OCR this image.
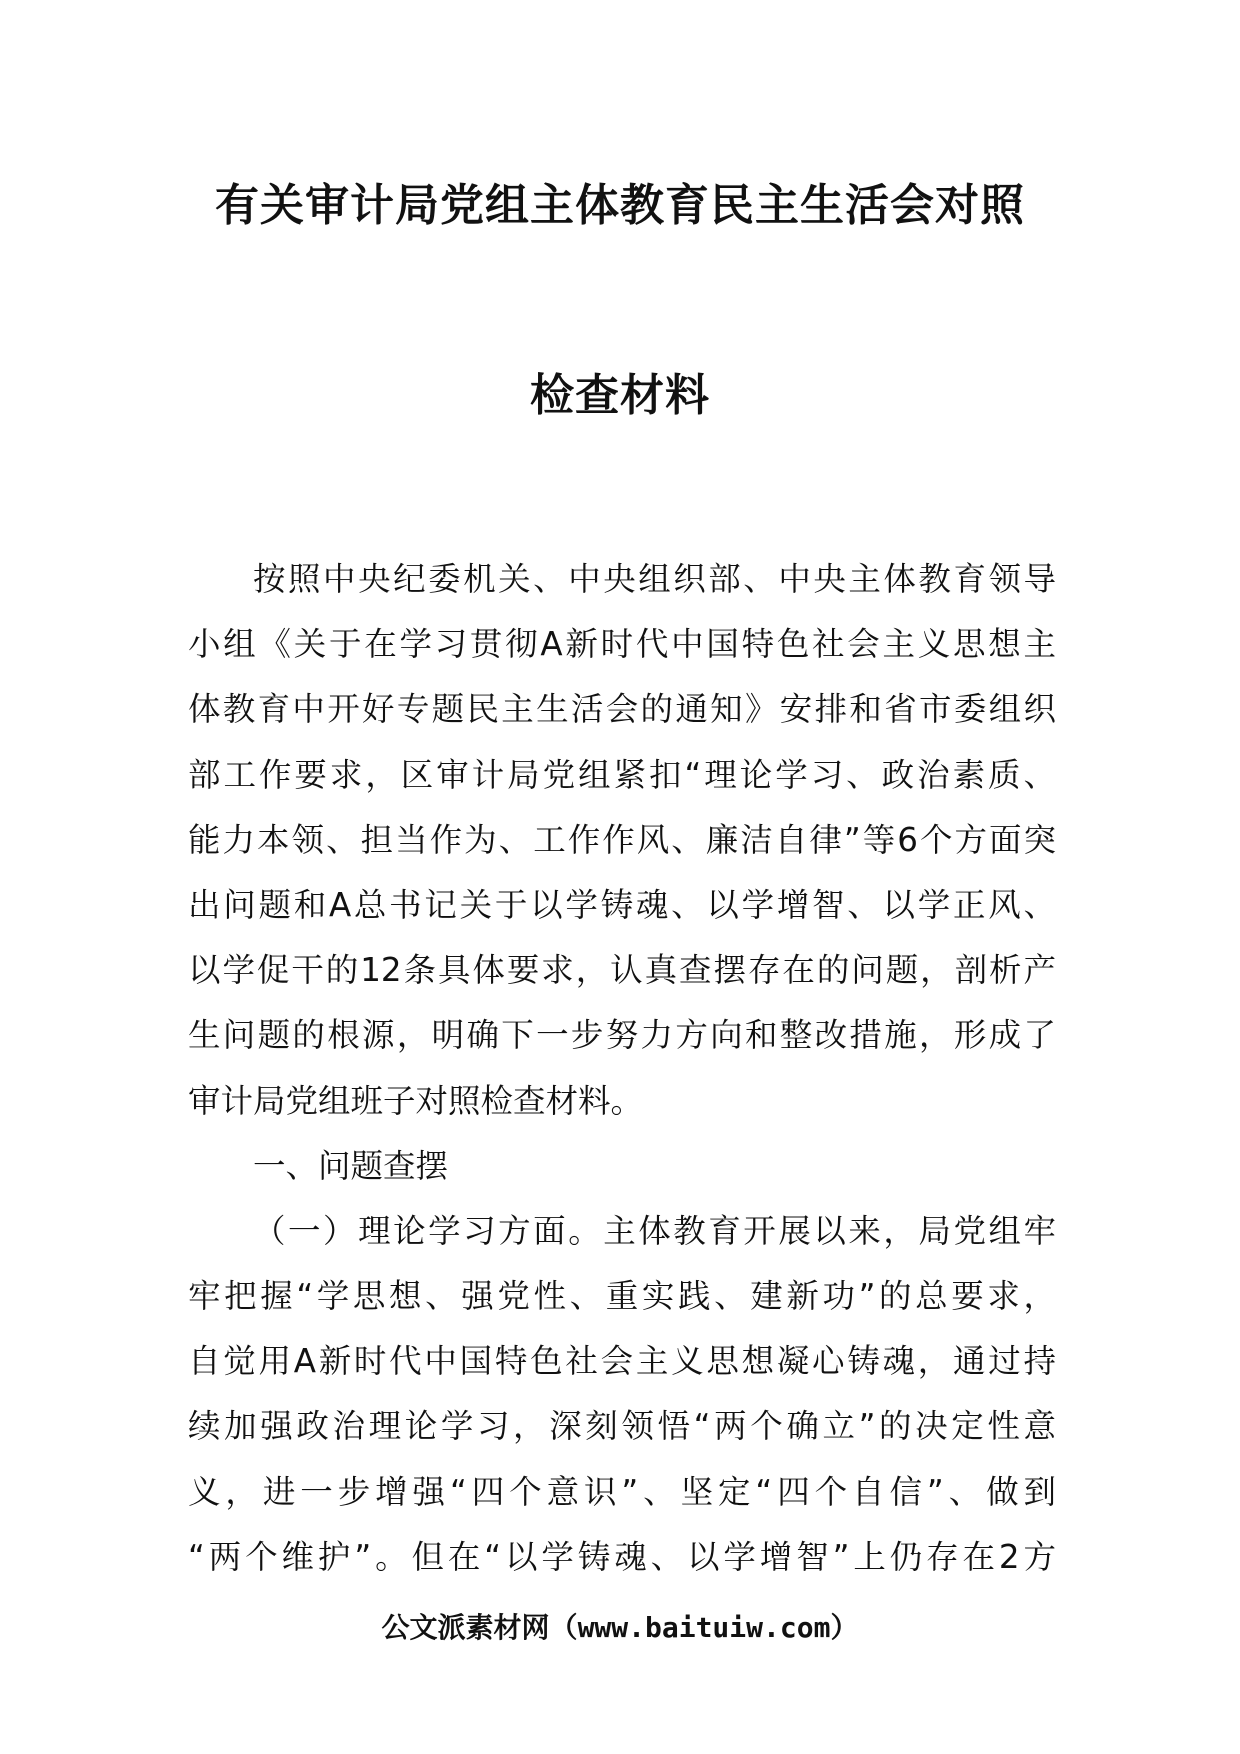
有关审计局党组主体教育民主生活会对照
检查材料
按照中央纪委机关、中央组织部、中央主体教育领导
小组《关于在学习贯彻A新时代中国特色社会主义思想主
体教育中开好专题民主生活会的通知》安排和省市委组织
部工作要求，区审计局党组紧扣“理论学习、政治素质、
能力本领、担当作为、工作作风、廉洁自律”等6个方面突
出问题和A总书记关于以学铸魂、以学增智、以学正风、
以学促干的12条具体要求，认真查摆存在的问题，剖析产
生问题的根源，明确下一步努力方向和整改措施，形成了
审计局党组班子对照检查材料。
一、问题查摆
（一）理论学习方面。主体教育开展以来，局党组牢
牢把握“学思想、强党性、重实践、建新功”的总要求，
自觉用A新时代中国特色社会主义思想凝心铸魂，通过持
续加强政治理论学习，深刻领悟“两个确立”的决定性意
义，进一步增强“四个意识”、坚定“四个自信”、做到
“两个维护”。但在“以学铸魂、以学增智”上仍存在2方
公文派素材网（www.baituiw.com）
